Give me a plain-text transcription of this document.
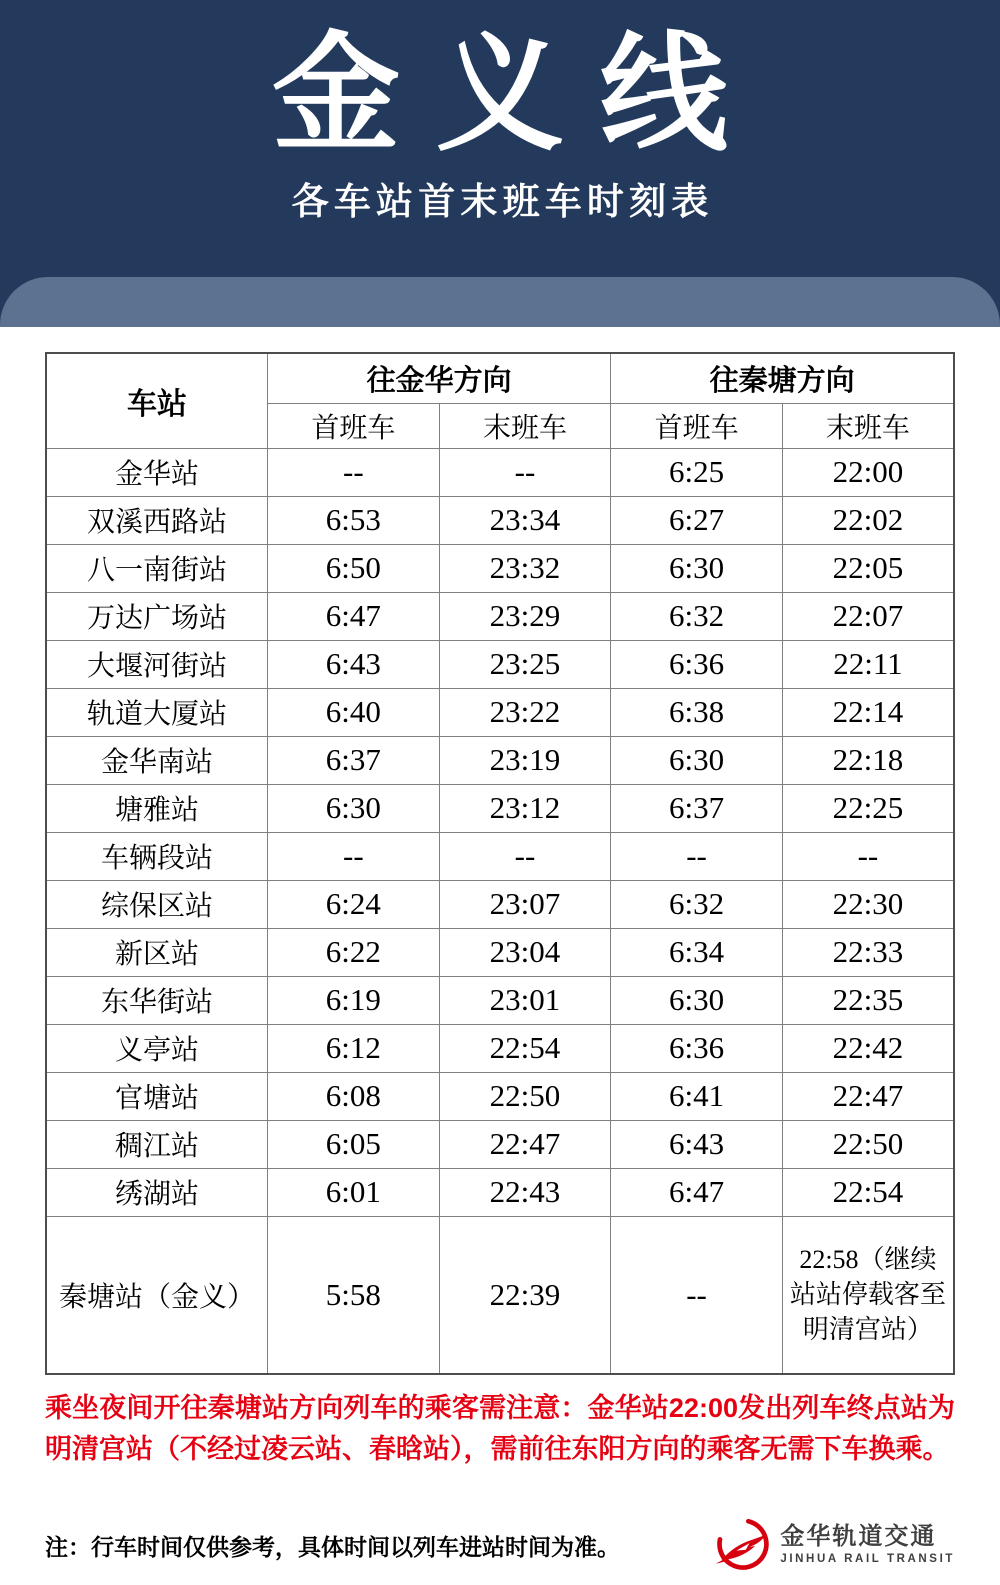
金义线
各车站首末班车时刻表
车站	往金华方向		往秦塘方向	
	首班车	末班车	首班车	末班车
金华站	--	--	6:25	22:00
双溪西路站	6:53	23:34	6:27	22:02
八一南街站	6:50	23:32	6:30	22:05
万达广场站	6:47	23:29	6:32	22:07
大堰河街站	6:43	23:25	6:36	22:11
轨道大厦站	6:40	23:22	6:38	22:14
金华南站	6:37	23:19	6:30	22:18
塘雅站	6:30	23:12	6:37	22:25
车辆段站	--	--	--	--
综保区站	6:24	23:07	6:32	22:30
新区站	6:22	23:04	6:34	22:33
东华街站	6:19	23:01	6:30	22:35
义亭站	6:12	22:54	6:36	22:42
官塘站	6:08	22:50	6:41	22:47
稠江站	6:05	22:47	6:43	22:50
绣湖站	6:01	22:43	6:47	22:54
秦塘站（金义）	5:58	22:39	--	22:58（继续站站停载客至明清宫站）
乘坐夜间开往秦塘站方向列车的乘客需注意：金华站22:00发出列车终点站为明清宫站（不经过凌云站、春晗站），需前往东阳方向的乘客无需下车换乘。
注：行车时间仅供参考，具体时间以列车进站时间为准。	金华轨道交通
JINHUA RAIL TRANSIT
